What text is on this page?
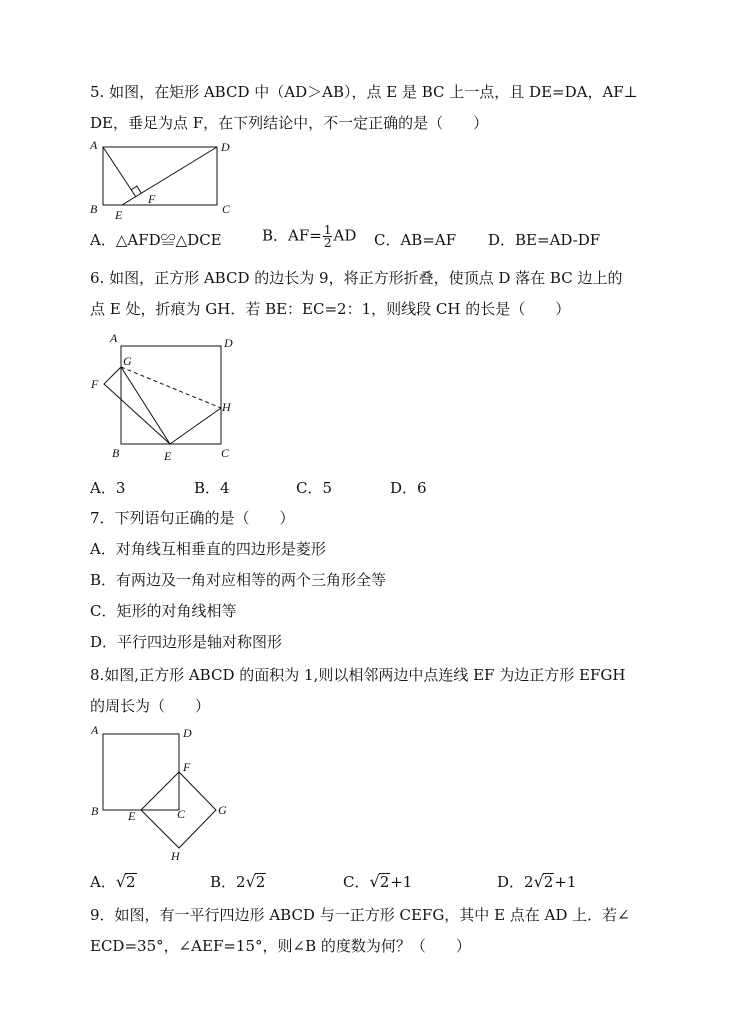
5. 如图，在矩形 ABCD 中（AD＞AB），点 E 是 BC 上一点，且 DE=DA，AF⊥
DE，垂足为点 F，在下列结论中，不一定正确的是（　　）
A	D
F
B E	C
A．△AFD≌△DCE	B．$AF= \frac{1}{2}$ AD C．AB=AF D．BE=AD-DF
6. 如图，正方形 ABCD 的边长为 9，将正方形折叠，使顶点 D 落在 BC 边上的
点 E 处，折痕为 GH．若 BE：EC=2：1，则线段 CH 的长是（　　）
A
G
D
F
H
B	E	C
A．3	B．4	C．5	D．6
7．下列语句正确的是（　　）
A．对角线互相垂直的四边形是菱形
B．有两边及一角对应相等的两个三角形全等
C．矩形的对角线相等
D．平行四边形是轴对称图形
8.如图,正方形 ABCD 的面积为 1,则以相邻两边中点连线 EF 为边正方形 EFGH
的周长为（　　）
A	D
F
G
B E	C
H
A．√2	B．2√2	C．√2+1	D．2√2+1
9．如图，有一平行四边形 ABCD 与一正方形 CEFG，其中 E 点在 AD 上．若∠
ECD=35°，∠AEF=15°，则∠B 的度数为何？（　　）
